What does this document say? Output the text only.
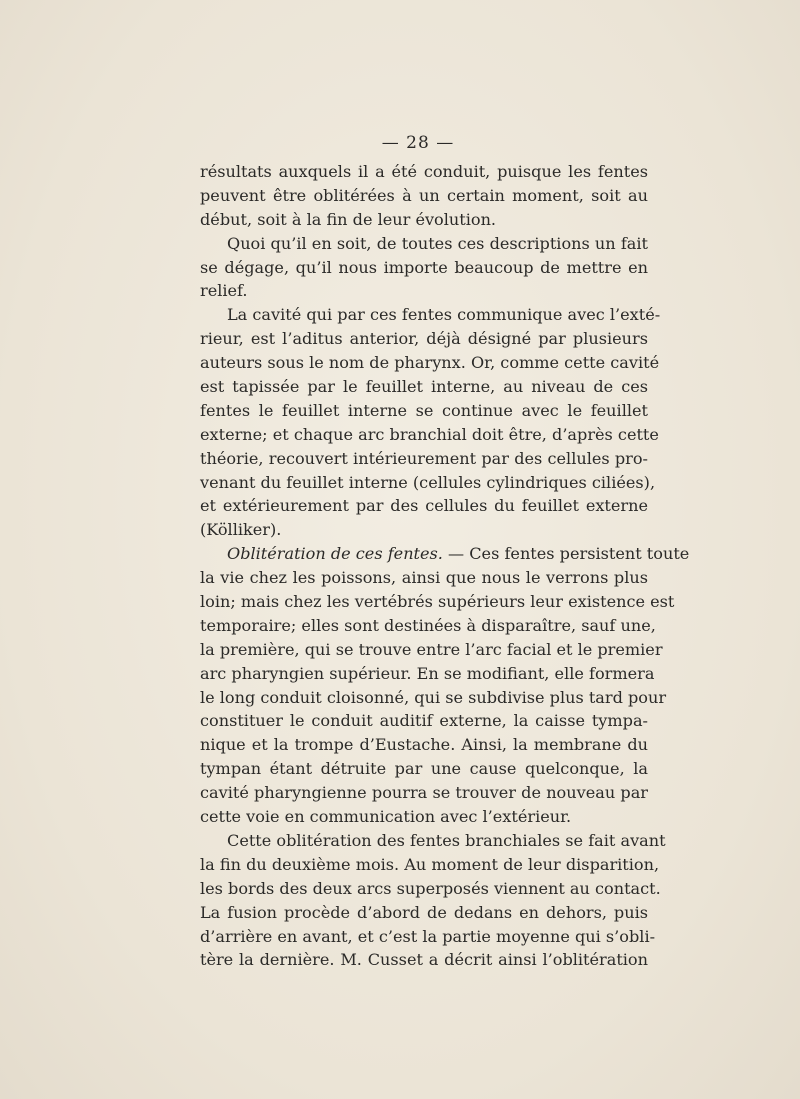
— 28 —
résultats auxquels il a été conduit, puisque les fentes
peuvent être oblitérées à un certain moment, soit au
début, soit à la fin de leur évolution.
Quoi qu’il en soit, de toutes ces descriptions un fait
se dégage, qu’il nous importe beaucoup de mettre en
relief.
La cavité qui par ces fentes communique avec l’exté-
rieur, est l’aditus anterior, déjà désigné par plusieurs
auteurs sous le nom de pharynx. Or, comme cette cavité
est tapissée par le feuillet interne, au niveau de ces
fentes le feuillet interne se continue avec le feuillet
externe; et chaque arc branchial doit être, d’après cette
théorie, recouvert intérieurement par des cellules pro-
venant du feuillet interne (cellules cylindriques ciliées),
et extérieurement par des cellules du feuillet externe
(Kölliker).
Oblitération de ces fentes. — Ces fentes persistent toute
la vie chez les poissons, ainsi que nous le verrons plus
loin; mais chez les vertébrés supérieurs leur existence est
temporaire; elles sont destinées à disparaître, sauf une,
la première, qui se trouve entre l’arc facial et le premier
arc pharyngien supérieur. En se modifiant, elle formera
le long conduit cloisonné, qui se subdivise plus tard pour
constituer le conduit auditif externe, la caisse tympa-
nique et la trompe d’Eustache. Ainsi, la membrane du
tympan étant détruite par une cause quelconque, la
cavité pharyngienne pourra se trouver de nouveau par
cette voie en communication avec l’extérieur.
Cette oblitération des fentes branchiales se fait avant
la fin du deuxième mois. Au moment de leur disparition,
les bords des deux arcs superposés viennent au contact.
La fusion procède d’abord de dedans en dehors, puis
d’arrière en avant, et c’est la partie moyenne qui s’obli-
tère la dernière. M. Cusset a décrit ainsi l’oblitération
